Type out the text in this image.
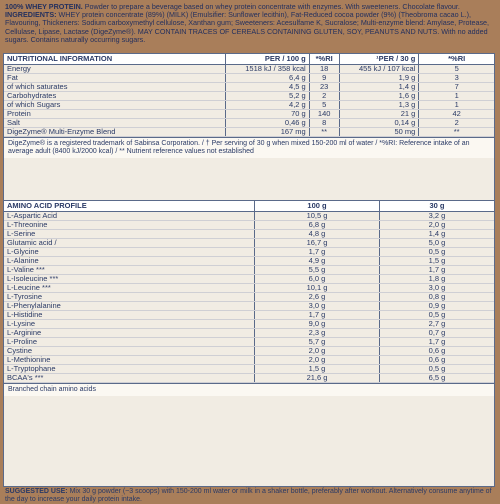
100% WHEY PROTEIN. Powder to prepare a beverage based on whey protein concentrate with enzymes. With sweeteners. Chocolate flavour.
INGREDIENTS: WHEY protein concentrate (89%) (MILK) (Emulsifier: Sunflower lecithin), Fat-Reduced cocoa powder (9%) (Theobroma cacao L.), Flavouring, Thickeners: Sodium carboxymethyl cellulose, Xanthan gum; Sweeteners: Acesulfame K, Sucralose; Multi-enzyme blend: Amylase, Protease, Cellulase, Lipase, Lactase (DigeZyme®). MAY CONTAIN TRACES OF CEREALS CONTAINING GLUTEN, SOY, PEANUTS AND NUTS. With no added sugars. Contains naturally occurring sugars.
NUTRITIONAL INFORMATION	PER / 100 g	*%RI	¹PER / 30 g	*%RI
Energy	1518 kJ / 358 kcal	18	455 kJ / 107 kcal	5
Fat	6,4 g	9	1,9 g	3
of which saturates	4,5 g	23	1,4 g	7
Carbohydrates	5,2 g	2	1,6 g	1
of which Sugars	4,2 g	5	1,3 g	1
Protein	70 g	140	21 g	42
Salt	0,46 g	8	0,14 g	2
DigeZyme® Multi-Enzyme Blend	167 mg	**	50 mg	**
DigeZyme® is a registered trademark of Sabinsa Corporation. / † Per serving of 30 g when mixed 150-200 ml of water / *%RI: Reference intake of an average adult (8400 kJ/2000 kcal) / ** Nutrient reference values not established
AMINO ACID PROFILE	100 g	30 g
L-Aspartic Acid	10,5 g	3,2 g
L-Threonine	6,8 g	2,0 g
L-Serine	4,8 g	1,4 g
Glutamic acid /	16,7 g	5,0 g
L-Glycine	1,7 g	0,5 g
L-Alanine	4,9 g	1,5 g
L-Valine ***	5,5 g	1,7 g
L-Isoleucine ***	6,0 g	1,8 g
L-Leucine ***	10,1 g	3,0 g
L-Tyrosine	2,6 g	0,8 g
L-Phenylalanine	3,0 g	0,9 g
L-Histidine	1,7 g	0,5 g
L-Lysine	9,0 g	2,7 g
L-Arginine	2,3 g	0,7 g
L-Proline	5,7 g	1,7 g
Cystine	2,0 g	0,6 g
L-Methionine	2,0 g	0,6 g
L-Tryptophane	1,5 g	0,5 g
BCAA's ***	21,6 g	6,5 g
Branched chain amino acids
SUGGESTED USE: Mix 30 g powder (~3 scoops) with 150-200 ml water or milk in a shaker bottle, preferably after workout. Alternatively consume anytime of the day to increase your daily protein intake.
